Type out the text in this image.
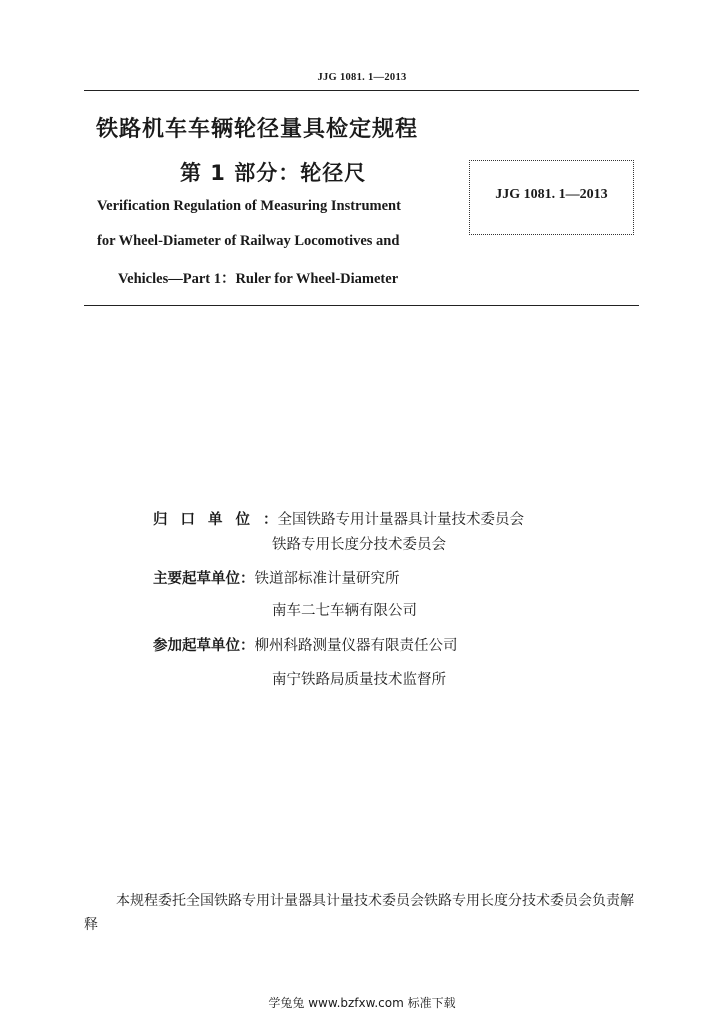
JJG 1081. 1—2013
铁路机车车辆轮径量具检定规程
第 1 部分：轮径尺
Verification Regulation of Measuring Instrument
for Wheel-Diameter of Railway Locomotives and
Vehicles—Part 1：Ruler for Wheel-Diameter
JJG 1081. 1—2013
归口单位：全国铁路专用计量器具计量技术委员会
铁路专用长度分技术委员会
主要起草单位：铁道部标准计量研究所
南车二七车辆有限公司
参加起草单位：柳州科路测量仪器有限责任公司
南宁铁路局质量技术监督所
本规程委托全国铁路专用计量器具计量技术委员会铁路专用长度分技术委员会负责解释
学兔兔 www.bzfxw.com 标准下载
